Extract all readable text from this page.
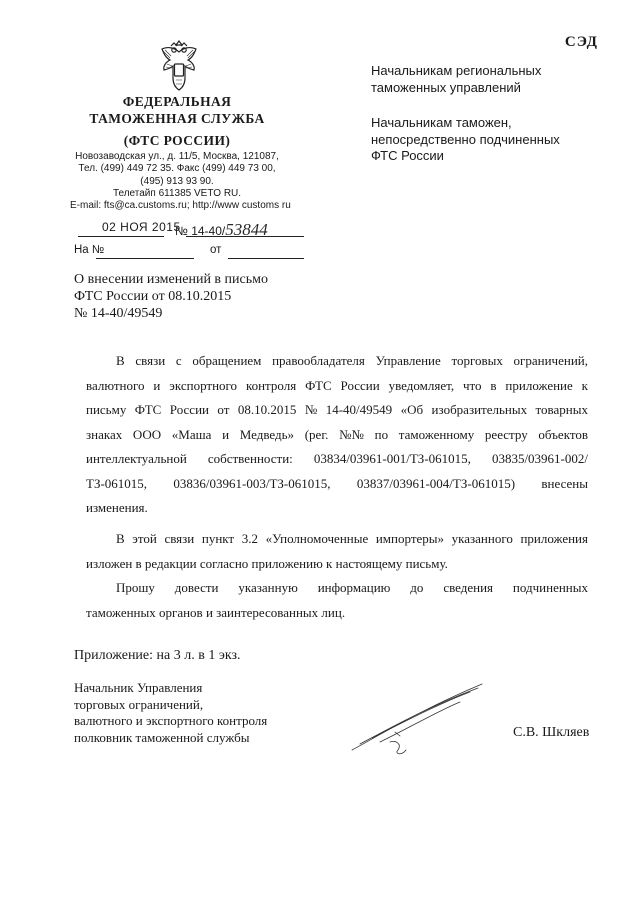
СЭД
ФЕДЕРАЛЬНАЯ
ТАМОЖЕННАЯ СЛУЖБА
(ФТС РОССИИ)
Новозаводская ул., д. 11/5, Москва, 121087,
Тел. (499) 449 72 35. Факс (499) 449 73 00,
(495) 913 93 90.
Телетайп 611385 VETO RU.
E-mail: fts@ca.customs.ru; http://www customs ru
02 НОЯ 2015
№ 14-40/53844
На №	от
Начальникам региональных
таможенных управлений
Начальникам таможен,
непосредственно подчиненных
ФТС России
О внесении изменений в письмо
ФТС России от 08.10.2015
№ 14-40/49549
В связи с обращением правообладателя Управление торговых ограничений,
валютного и экспортного контроля ФТС России уведомляет, что в приложение к
письму ФТС России от 08.10.2015 № 14-40/49549 «Об изобразительных товарных
знаках ООО «Маша и Медведь» (рег. №№ по таможенному реестру объектов
интеллектуальной собственности: 03834/03961-001/ТЗ-061015, 03835/03961-002/
ТЗ-061015, 03836/03961-003/ТЗ-061015, 03837/03961-004/ТЗ-061015) внесены
изменения.
В этой связи пункт 3.2 «Уполномоченные импортеры» указанного приложения
изложен в редакции согласно приложению к настоящему письму.
Прошу довести указанную информацию до сведения подчиненных
таможенных органов и заинтересованных лиц.
Приложение: на 3 л. в 1 экз.
Начальник Управления
торговых ограничений,
валютного и экспортного контроля
полковник таможенной службы	С.В. Шкляев
